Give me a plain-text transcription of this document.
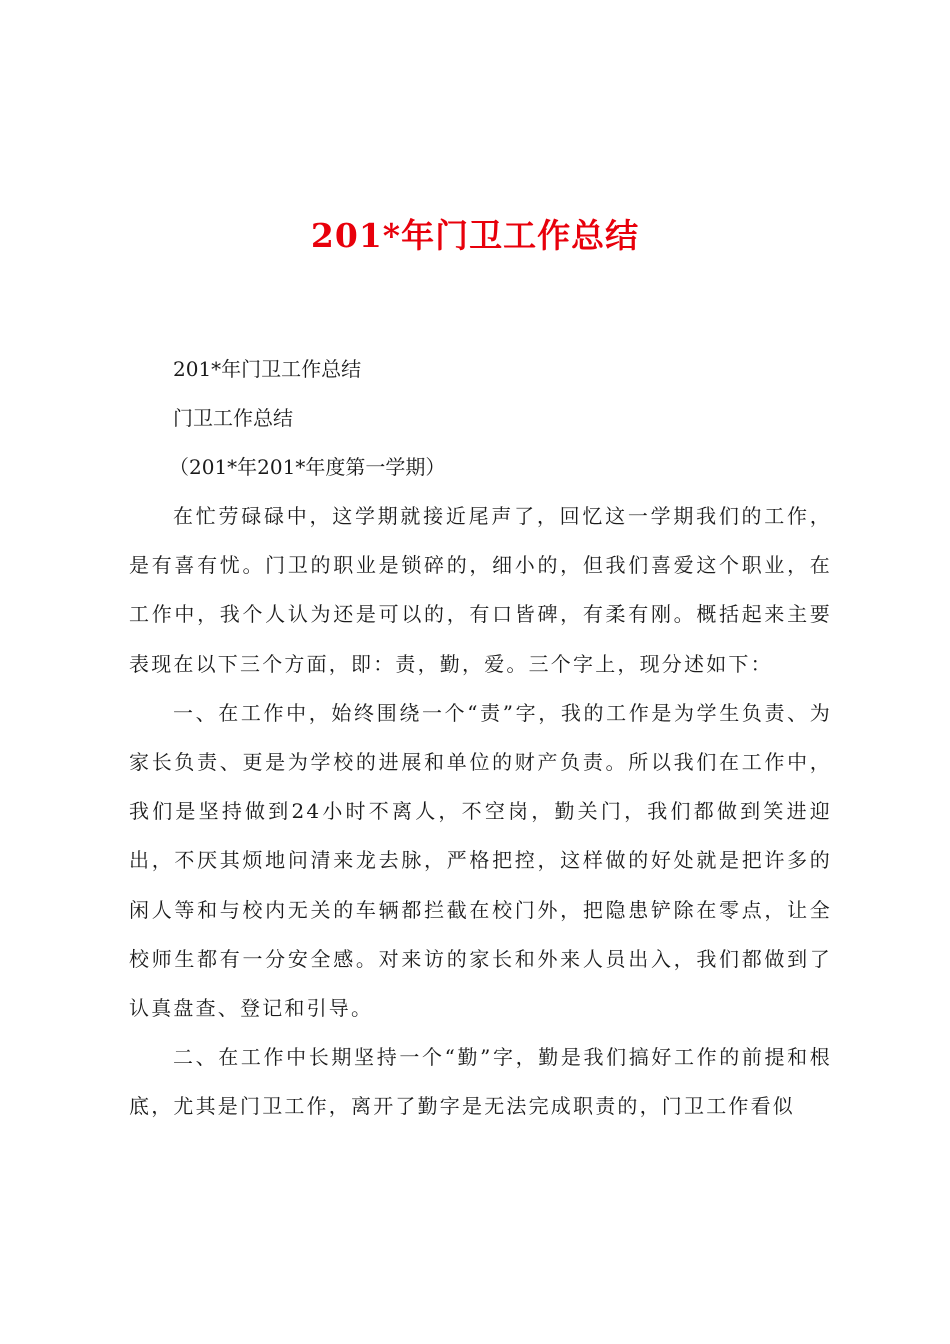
201*年门卫工作总结

201*年门卫工作总结

门卫工作总结

（201*年201*年度第一学期）

在忙劳碌碌中，这学期就接近尾声了，回忆这一学期我们的工作，是有喜有忧。门卫的职业是锁碎的，细小的，但我们喜爱这个职业，在工作中，我个人认为还是可以的，有口皆碑，有柔有刚。概括起来主要表现在以下三个方面，即：责，勤，爱。三个字上，现分述如下：

一、在工作中，始终围绕一个“责”字，我的工作是为学生负责、为家长负责、更是为学校的进展和单位的财产负责。所以我们在工作中，我们是坚持做到24小时不离人，不空岗，勤关门，我们都做到笑进迎出，不厌其烦地问清来龙去脉，严格把控，这样做的好处就是把许多的闲人等和与校内无关的车辆都拦截在校门外，把隐患铲除在零点，让全校师生都有一分安全感。对来访的家长和外来人员出入，我们都做到了认真盘查、登记和引导。

二、在工作中长期坚持一个“勤”字，勤是我们搞好工作的前提和根底，尤其是门卫工作，离开了勤字是无法完成职责的，门卫工作看似
